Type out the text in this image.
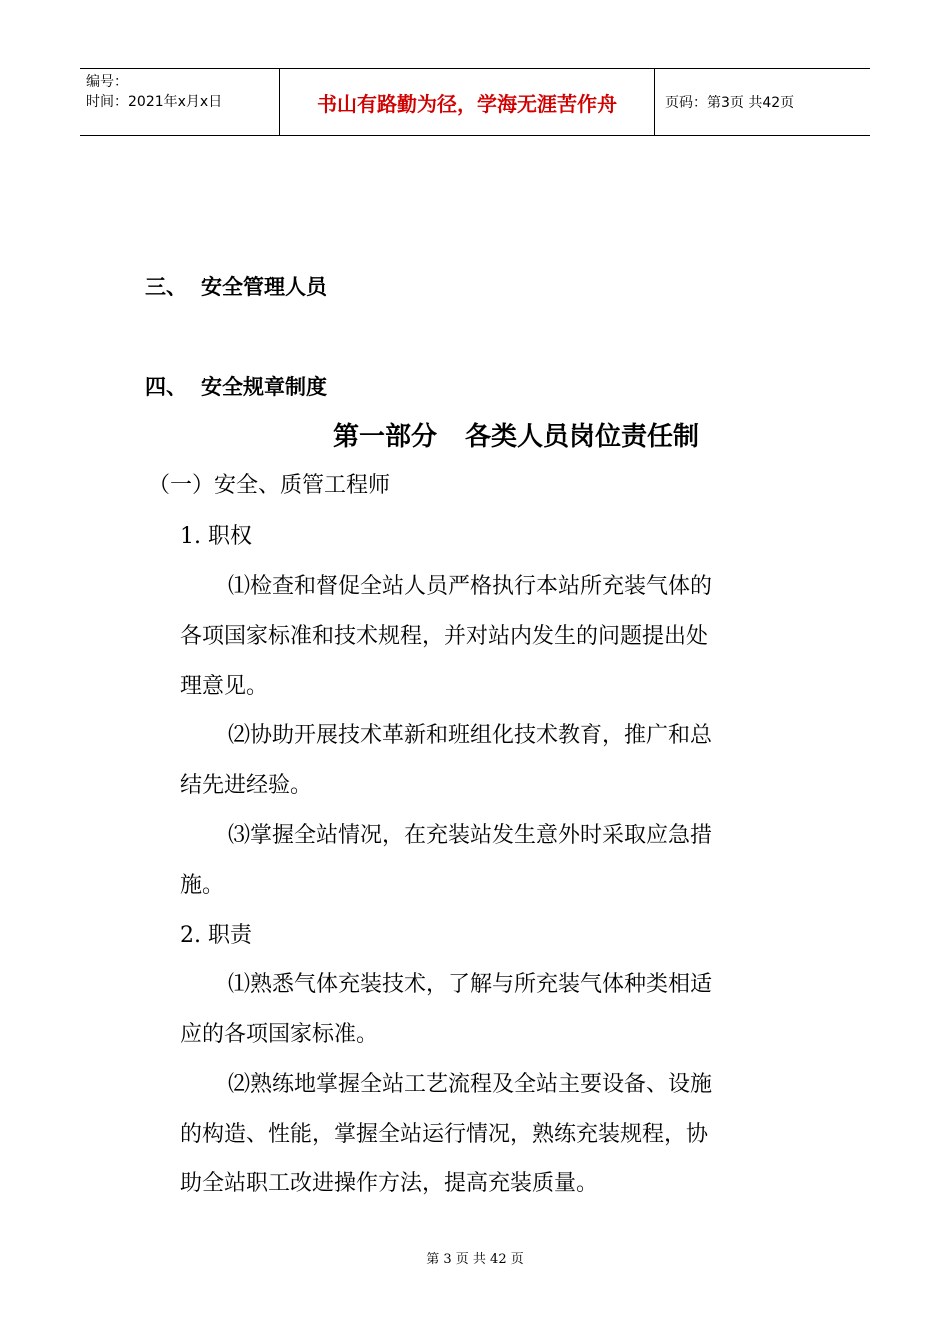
编号：
时间：2021年x月x日	书山有路勤为径，学海无涯苦作舟	页码：第3页 共42页
三、 安全管理人员
四、 安全规章制度
第一部分 各类人员岗位责任制
（一）安全、质管工程师
1. 职权
⑴检查和督促全站人员严格执行本站所充装气体的
各项国家标准和技术规程，并对站内发生的问题提出处
理意见。
⑵协助开展技术革新和班组化技术教育，推广和总
结先进经验。
⑶掌握全站情况，在充装站发生意外时采取应急措
施。
2. 职责
⑴熟悉气体充装技术，了解与所充装气体种类相适
应的各项国家标准。
⑵熟练地掌握全站工艺流程及全站主要设备、设施
的构造、性能，掌握全站运行情况，熟练充装规程，协
助全站职工改进操作方法，提高充装质量。
第 3 页 共 42 页
